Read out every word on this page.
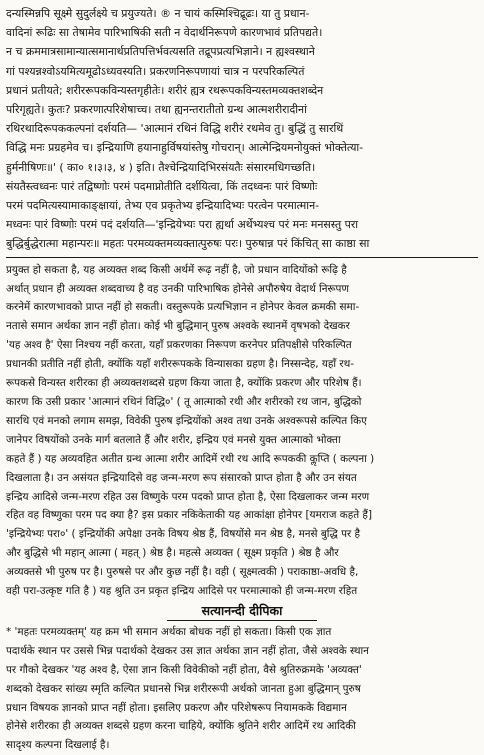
दन्यस्मिन्नपि सूक्ष्मे सुदुर्लक्ष्ये च प्रयुज्यते। ® न चायं कस्मिश्चिद्रूढः। या तु प्रधान-

वादिनां रूढिः सा तेषामेव पारिभाषिकी सती न वेदार्थनिरूपणे कारणभावं प्रतिपद्यते।

न च क्रममात्रसामान्यात्समानार्थप्रतिपत्तिर्भवत्यसति तद्रूपप्रत्यभिज्ञाने। न ह्यश्वस्थाने

गां पश्यन्नश्वोऽयमित्यमूढोऽध्यवस्यति। प्रकरणनिरूपणायां चात्र न परपरिकल्पितं

प्रधानं प्रतीयते; शरीररूपकविन्यस्तगृहीतेः। शरीरं ह्यत्र रथरूपकविन्यस्तमव्यक्तशब्देन

परिगृह्यते। कुतः? प्रकरणात्परिशेषाच्च। तथा ह्यनन्तरातीतो ग्रन्थ आत्मशरीरादीनां

रथिरथादिरूपककल्पनां दर्शयति— 'आत्मानं रथिनं विद्धि शरीरं रथमेव तु। बुद्धिं तु सारथिं

विद्धि मनः प्रग्रहमेव च। इन्द्रियाणि हयानाहुर्विषयांस्तेषु गोचरान्। आत्मेन्द्रियमनोयुक्तं भोक्तेत्या-

हुर्मनीषिणः॥' ( का० १।३।३, ४ ) इति। तैश्चेन्द्रियादिभिरसंयतैः संसारमधिगच्छति।

संयतैस्त्वध्वनः पारं तद्विष्णोः परमं पदमाप्नोतीति दर्शयित्वा, किं तदध्वनः पारं विष्णोः

परमं पदमित्यस्यामाकाङ्क्षायां, तेभ्य एव प्रकृतेभ्य इन्द्रियादिभ्यः परत्वेन परमात्मान-

मध्वनः पारं विष्णोः परमं पदं दर्शयति—'इन्द्रियेभ्यः परा ह्यर्था अर्थेभ्यश्च परं मनः मनसस्तु परा

बुद्धिर्बुद्धेरात्मा महान्परः॥ महतः परमव्यक्तमव्यक्तात्पुरुषः परः। पुरुषान्न परं किंचित् सा काष्ठा सा

प्रयुक्त हो सकता है, यह अव्यक्त शब्द किसी अर्थमें रूढ़ नहीं है, जो प्रधान वादियोंको रूढ़ि है

अर्थात् प्रधान ही अव्यक्त शब्दवाच्य है वह उनकी पारिभाषिक होनेसे अपौरुषेय वेदार्थ निरूपण

करनेमें कारणभावको प्राप्त नहीं हो सकती। वस्तुरूपके प्रत्यभिज्ञान न होनेपर केवल क्रमकी समा-

नतासे समान अर्थका ज्ञान नहीं होता। कोई भी बुद्धिमान् पुरुष अश्वके स्थानमें वृषभको देखकर

'यह अश्व है' ऐसा निश्चय नहीं करता, यहाँ प्रकरणका निरूपण करनेपर प्रतिपक्षीसे परिकल्पित

प्रधानकी प्रतीति नहीं होती, क्योंकि यहाँ शरीररूपकके विन्यासका ग्रहण है। निस्सन्देह, यहाँ रथ-

रूपकसे विन्यस्त शरीरका ही अव्यक्तशब्दसे ग्रहण किया जाता है, क्योंकि प्रकरण और परिशेष हैं।

कारण कि उसी प्रकार 'आत्मानं रथिनं विद्धि०' ( तू आत्माको रथी और शरीरको रथ जान, बुद्धिको

सारथि एवं मनको लगाम समझ, विवेकी पुरुष इन्द्रियोंको अश्व तथा उनके अश्वरूपसे कल्पित किए

जानेपर विषयोंको उनके मार्ग बतलाते हैं और शरीर, इन्द्रिय एवं मनसे युक्त आत्माको भोक्ता

कहते हैं ) यह अव्यवहित अतीत ग्रन्थ आत्मा शरीर आदिमें रथी रथ आदि रूपककी कॢप्ति ( कल्पना )

दिखलाता है। उन असंयत इन्द्रियादिसे वह जन्म-मरण रूप संसारको प्राप्त होता है और उन संयत

इन्द्रिय आदिसे जन्म-मरण रहित उस विष्णुके परम पदको प्राप्त होता है, ऐसा दिखलाकर जन्म मरण

रहित वह विष्णुका परम पद क्या है? इस प्रकार नकिकेताकी यह आकांक्षा होनेपर [यमराज कहते हैं]

'इन्द्रियेभ्यः परा०' ( इन्द्रियोंकी अपेक्षा उनके विषय श्रेष्ठ हैं, विषयोंसे मन श्रेष्ठ है, मनसे बुद्धि पर है

और बुद्धिसे भी महान् आत्मा ( महत् ) श्रेष्ठ है। महत्से अव्यक्त ( सूक्ष्म प्रकृति ) श्रेष्ठ है और

अव्यक्तसे भी पुरुष पर है। पुरुषसे पर और कुछ नहीं है। वही ( सूक्ष्मत्वकी ) पराकाष्ठा-अवधि है,

वही परा-उत्कृष्ट गति है ) यह श्रुति उन प्रकृत इन्द्रिय आदिसे पर परमात्माको ही जन्म-मरण रहित

सत्यानन्दी दीपिका

* 'महतः परमव्यक्तम्' यह क्रम भी समान अर्थका बोधक नहीं हो सकता। किसी एक ज्ञात

पदार्थके स्थान पर उससे भिन्न पदार्थको देखकर उस ज्ञात अर्थका ज्ञान नहीं होता, जैसे अश्वके स्थान

पर गौको देखकर 'यह अश्व है, ऐसा ज्ञान किसी विवेकीको नहीं होता, वैसे श्रुतिरुक्रमके 'अव्यक्त'

शब्दको देखकर सांख्य स्मृति कल्पित प्रधानसे भिन्न शरीररूपी अर्थको जानता हुआ बुद्धिमान् पुरुष

प्रधान विषयक ज्ञानको प्राप्त नहीं होता। इसलिए प्रकरण और परिशेषरूप नियामकके विद्यमान

होनेसे शरीरका ही अव्यक्त शब्दसे ग्रहण करना चाहिये, क्योंकि श्रुतिने शरीर आदिमें रथ आदिकी

सादृश्य कल्पना दिखलाई है।
